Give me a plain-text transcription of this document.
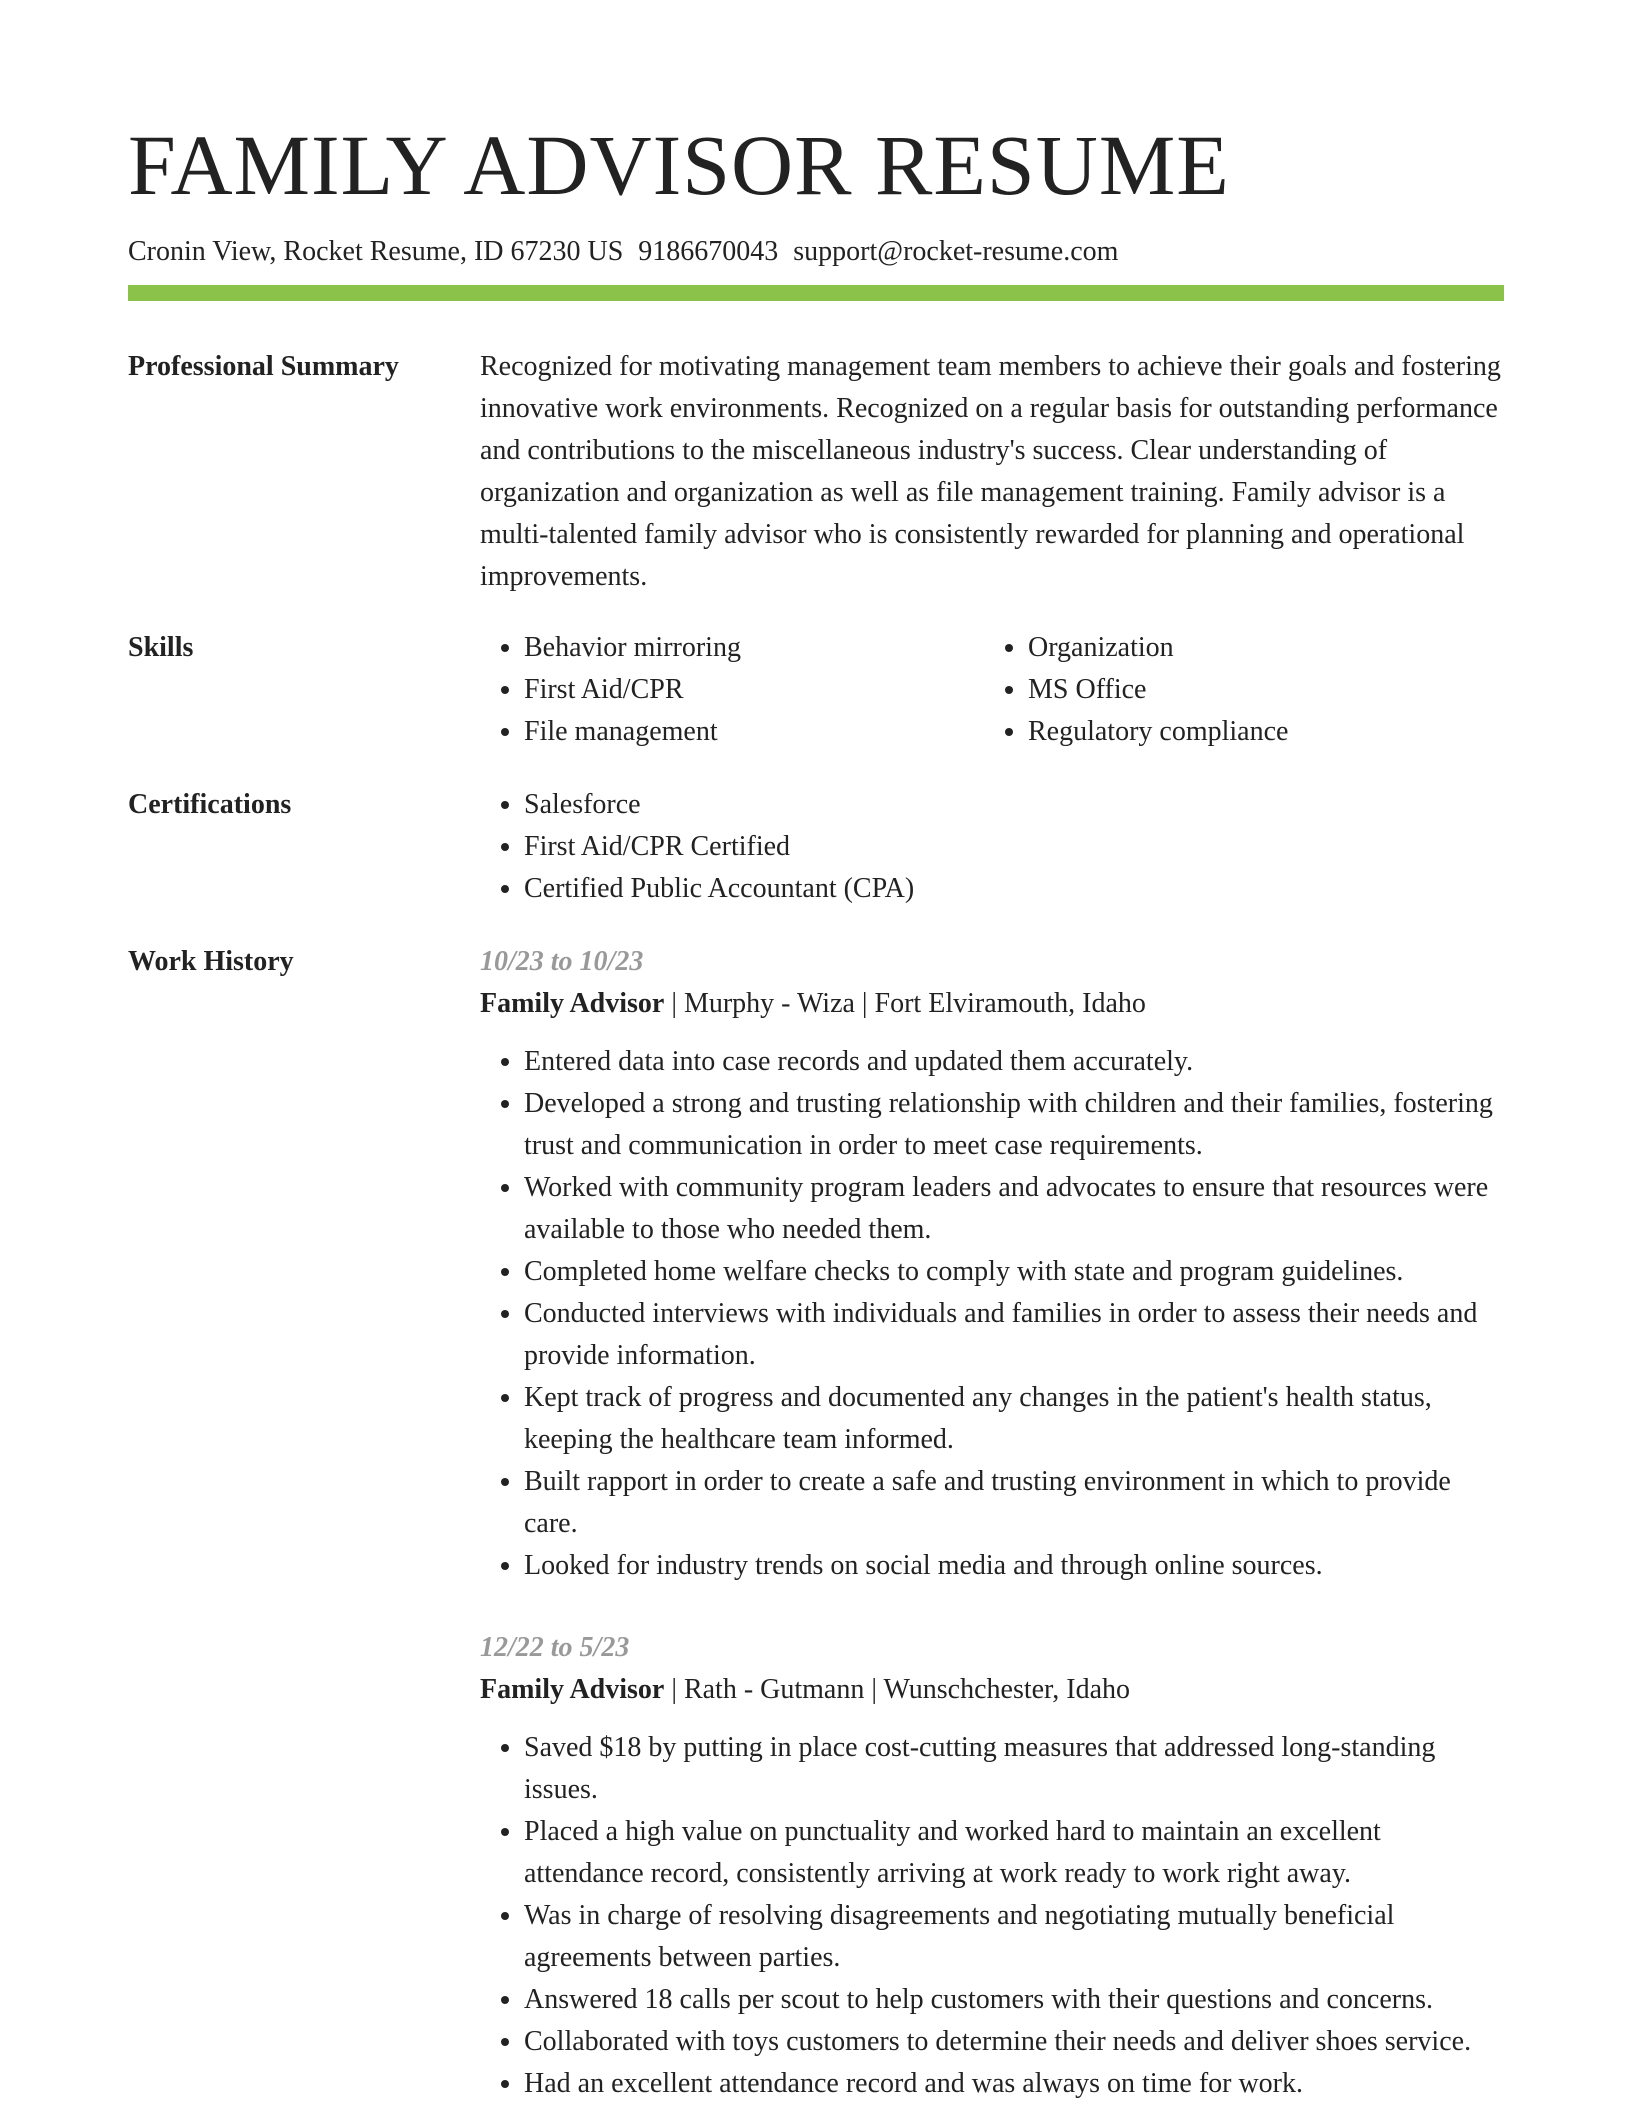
FAMILY ADVISOR RESUME
Cronin View, Rocket Resume, ID 67230 US 9186670043 support@rocket-resume.com
Professional Summary	Recognized for motivating management team members to achieve their goals and fostering innovative work environments. Recognized on a regular basis for outstanding performance and contributions to the miscellaneous industry's success. Clear understanding of organization and organization as well as file management training. Family advisor is a multi-talented family advisor who is consistently rewarded for planning and operational improvements.
Skills	• Behavior mirroring
• First Aid/CPR
• File management
• Organization
• MS Office
• Regulatory compliance
Certifications	• Salesforce
• First Aid/CPR Certified
• Certified Public Accountant (CPA)
Work History	10/23 to 10/23
Family Advisor | Murphy - Wiza | Fort Elviramouth, Idaho
• Entered data into case records and updated them accurately.
• Developed a strong and trusting relationship with children and their families, fostering trust and communication in order to meet case requirements.
• Worked with community program leaders and advocates to ensure that resources were available to those who needed them.
• Completed home welfare checks to comply with state and program guidelines.
• Conducted interviews with individuals and families in order to assess their needs and provide information.
• Kept track of progress and documented any changes in the patient's health status, keeping the healthcare team informed.
• Built rapport in order to create a safe and trusting environment in which to provide care.
• Looked for industry trends on social media and through online sources.
12/22 to 5/23
Family Advisor | Rath - Gutmann | Wunschchester, Idaho
• Saved $18 by putting in place cost-cutting measures that addressed long-standing issues.
• Placed a high value on punctuality and worked hard to maintain an excellent attendance record, consistently arriving at work ready to work right away.
• Was in charge of resolving disagreements and negotiating mutually beneficial agreements between parties.
• Answered 18 calls per scout to help customers with their questions and concerns.
• Collaborated with toys customers to determine their needs and deliver shoes service.
• Had an excellent attendance record and was always on time for work.
